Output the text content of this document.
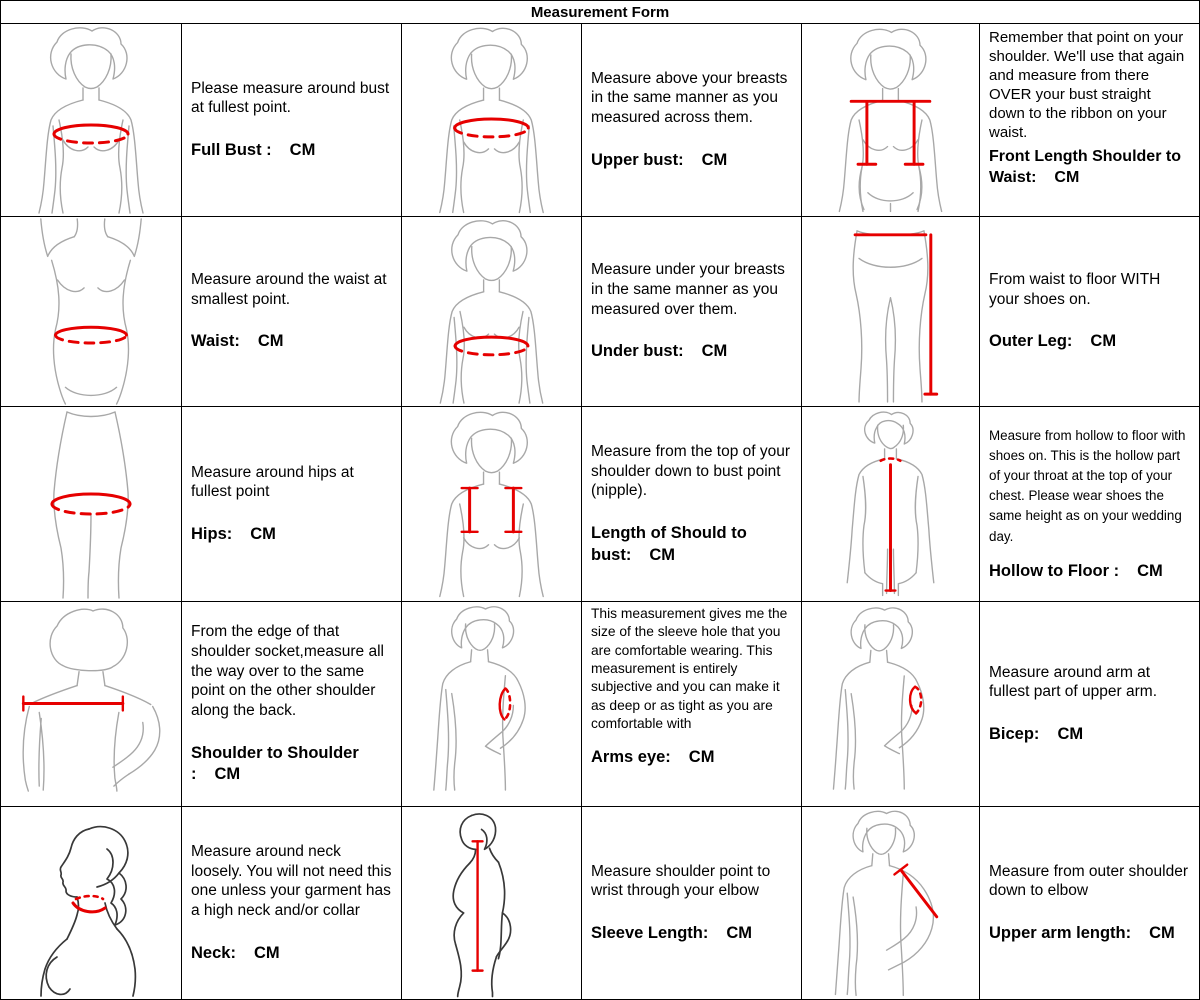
Measurement Form
Please measure around bust at fullest point.
Full Bust : CM
Measure above your breasts in the same manner as you measured across them.
Upper bust: CM
Remember that point on your shoulder. We'll use that again and measure from there OVER your bust straight down to the ribbon on your waist.
Front Length Shoulder to Waist: CM
Measure around the waist at smallest point.
Waist: CM
Measure under your breasts in the same manner as you measured over them.
Under bust: CM
From waist to floor WITH your shoes on.
Outer Leg: CM
Measure around hips at fullest point
Hips: CM
Measure from the top of your shoulder down to bust point (nipple).
Length of Should to bust: CM
Measure from hollow to floor with shoes on. This is the hollow part of your throat at the top of your chest. Please wear shoes the same height as on your wedding day.
Hollow to Floor : CM
From the edge of that shoulder socket,measure all the way over to the same point on the other shoulder along the back.
Shoulder to Shoulder : CM
This measurement gives me the size of the sleeve hole that you are comfortable wearing. This measurement is entirely subjective and you can make it as deep or as tight as you are comfortable with
Arms eye: CM
Measure around arm at fullest part of upper arm.
Bicep: CM
Measure around neck loosely. You will not need this one unless your garment has a high neck and/or collar
Neck: CM
Measure shoulder point to wrist through your elbow
Sleeve Length: CM
Measure from outer shoulder down to elbow
Upper arm length: CM
